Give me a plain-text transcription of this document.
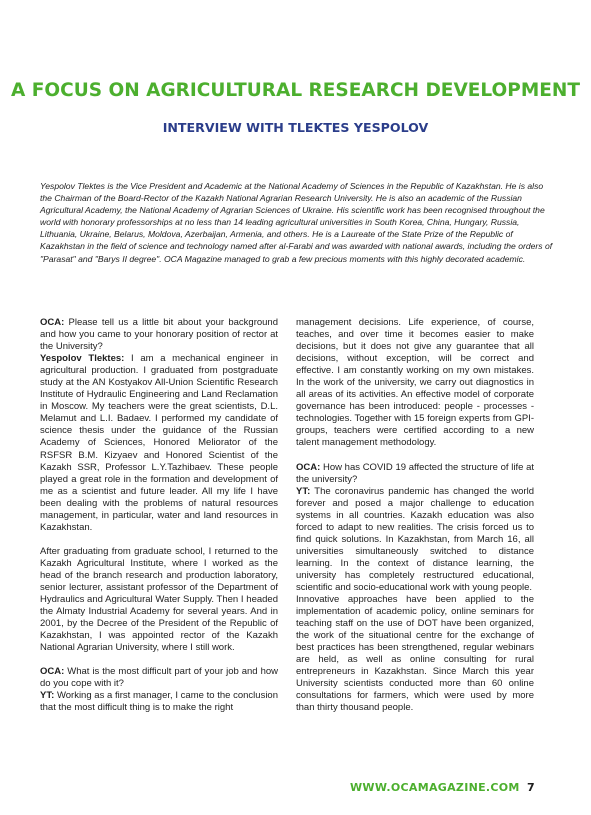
A FOCUS ON AGRICULTURAL RESEARCH DEVELOPMENT
INTERVIEW WITH TLEKTES YESPOLOV
Yespolov Tlektes is the Vice President and Academic at the National Academy of Sciences in the Republic of Kazakhstan. He is also the Chairman of the Board-Rector of the Kazakh National Agrarian Research University. He is also an academic of the Russian Agricultural Academy, the National Academy of Agrarian Sciences of Ukraine. His scientific work has been recognised throughout the world with honorary professorships at no less than 14 leading agricultural universities in South Korea, China, Hungary, Russia, Lithuania, Ukraine, Belarus, Moldova, Azerbaijan, Armenia, and others. He is a Laureate of the State Prize of the Republic of Kazakhstan in the field of science and technology named after al-Farabi and was awarded with national awards, including the orders of "Parasat" and "Barys II degree". OCA Magazine managed to grab a few precious moments with this highly decorated academic.

OCA: Please tell us a little bit about your background and how you came to your honorary position of rector at the University?
Yespolov Tlektes: I am a mechanical engineer in agricultural production. I graduated from postgraduate study at the AN Kostyakov All-Union Scientific Research Institute of Hydraulic Engineering and Land Reclamation in Moscow. My teachers were the great scientists, D.L. Melamut and L.I. Badaev. I performed my candidate of science thesis under the guidance of the Russian Academy of Sciences, Honored Meliorator of the RSFSR B.M. Kizyaev and Honored Scientist of the Kazakh SSR, Professor L.Y.Tazhibaev. These people played a great role in the formation and development of me as a scientist and future leader. All my life I have been dealing with the problems of natural resources management, in particular, water and land resources in Kazakhstan.

After graduating from graduate school, I returned to the Kazakh Agricultural Institute, where I worked as the head of the branch research and production laboratory, senior lecturer, assistant professor of the Department of Hydraulics and Agricultural Water Supply. Then I headed the Almaty Industrial Academy for several years. And in 2001, by the Decree of the President of the Republic of Kazakhstan, I was appointed rector of the Kazakh National Agrarian University, where I still work.

OCA: What is the most difficult part of your job and how do you cope with it?
YT: Working as a first manager, I came to the conclusion that the most difficult thing is to make the right

management decisions. Life experience, of course, teaches, and over time it becomes easier to make decisions, but it does not give any guarantee that all decisions, without exception, will be correct and effective. I am constantly working on my own mistakes. In the work of the university, we carry out diagnostics in all areas of its activities. An effective model of corporate governance has been introduced: people - processes - technologies. Together with 15 foreign experts from GPI-groups, teachers were certified according to a new talent management methodology.

OCA: How has COVID 19 affected the structure of life at the university?
YT: The coronavirus pandemic has changed the world forever and posed a major challenge to education systems in all countries. Kazakh education was also forced to adapt to new realities. The crisis forced us to find quick solutions. In Kazakhstan, from March 16, all universities simultaneously switched to distance learning. In the context of distance learning, the university has completely restructured educational, scientific and socio-educational work with young people.
Innovative approaches have been applied to the implementation of academic policy, online seminars for teaching staff on the use of DOT have been organized, the work of the situational centre for the exchange of best practices has been strengthened, regular webinars are held, as well as online consulting for rural entrepreneurs in Kazakhstan. Since March this year University scientists conducted more than 60 online consultations for farmers, which were used by more than thirty thousand people.

WWW.OCAMAGAZINE.COM 7
